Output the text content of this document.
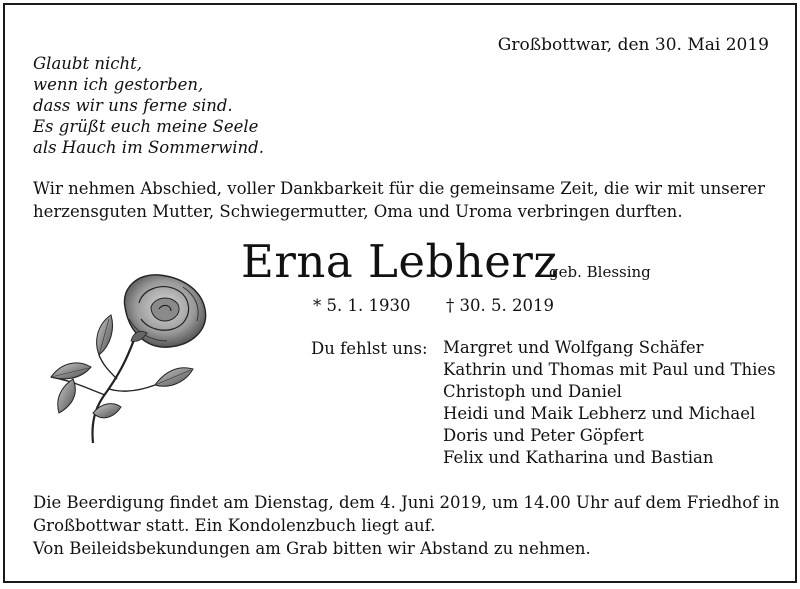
Großbottwar, den 30. Mai 2019

Glaubt nicht,
wenn ich gestorben,
dass wir uns ferne sind.
Es grüßt euch meine Seele
als Hauch im Sommerwind.
Wir nehmen Abschied, voller Dankbarkeit für die gemeinsame Zeit, die wir mit unserer
herzensguten Mutter, Schwiegermutter, Oma und Uroma verbringen durften.
Erna Lebherz
geb. Blessing
* 5. 1. 1930 † 30. 5. 2019
Du fehlst uns: Margret und Wolfgang Schäfer
Kathrin und Thomas mit Paul und Thies
Christoph und Daniel
Heidi und Maik Lebherz und Michael
Doris und Peter Göpfert
Felix und Katharina und Bastian
Die Beerdigung findet am Dienstag, dem 4. Juni 2019, um 14.00 Uhr auf dem Friedhof in
Großbottwar statt. Ein Kondolenzbuch liegt auf.
Von Beileidsbekundungen am Grab bitten wir Abstand zu nehmen.
